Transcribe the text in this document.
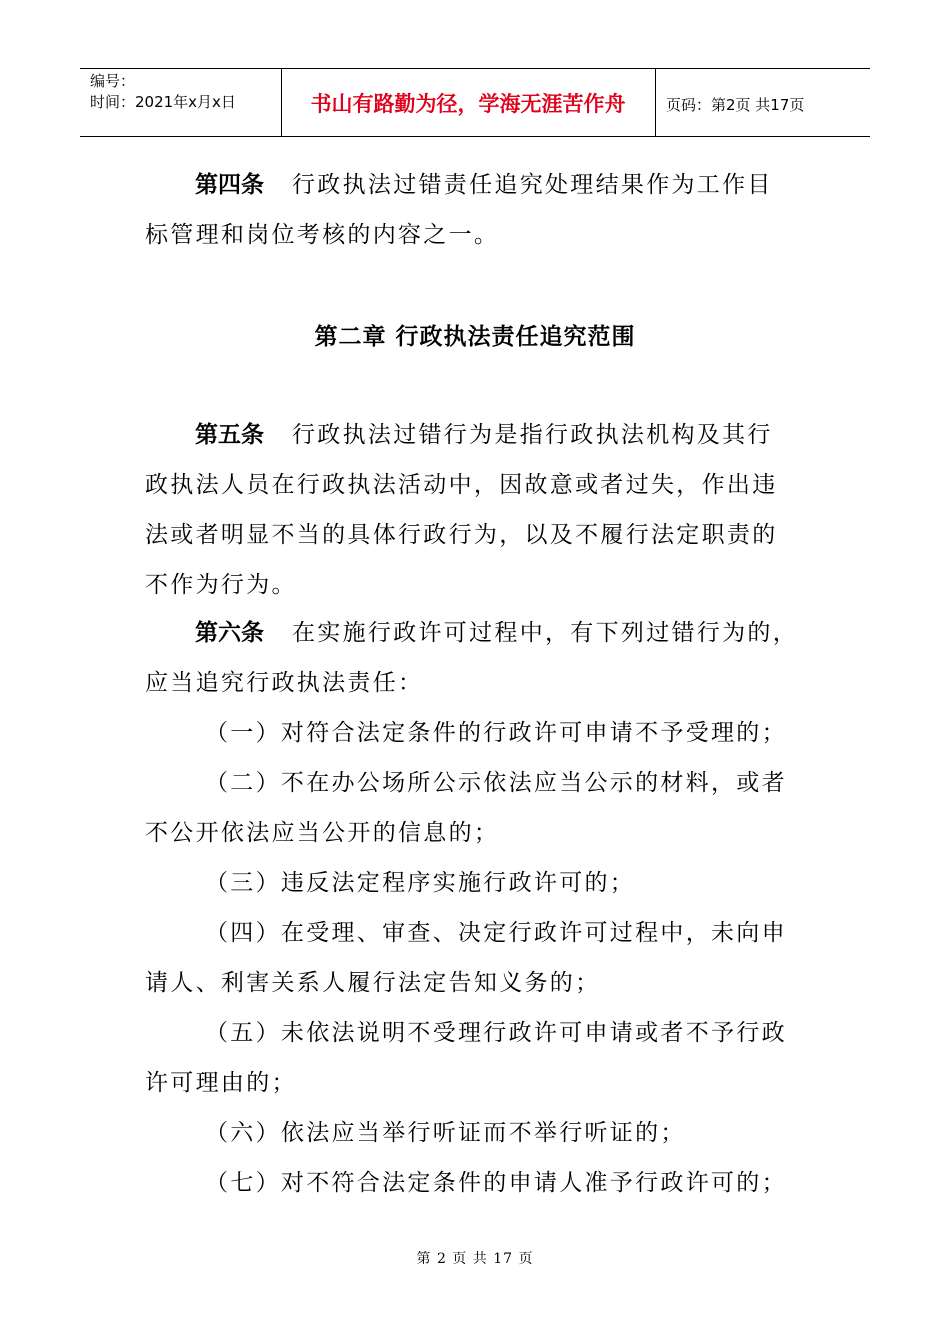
编号：
时间：2021年x月x日	书山有路勤为径，学海无涯苦作舟	页码：第2页 共17页
第四条 行政执法过错责任追究处理结果作为工作目
标管理和岗位考核的内容之一。
第二章 行政执法责任追究范围
第五条 行政执法过错行为是指行政执法机构及其行
政执法人员在行政执法活动中，因故意或者过失，作出违
法或者明显不当的具体行政行为，以及不履行法定职责的
不作为行为。
第六条 在实施行政许可过程中，有下列过错行为的，
应当追究行政执法责任：
（一）对符合法定条件的行政许可申请不予受理的；
（二）不在办公场所公示依法应当公示的材料，或者
不公开依法应当公开的信息的；
（三）违反法定程序实施行政许可的；
（四）在受理、审查、决定行政许可过程中，未向申
请人、利害关系人履行法定告知义务的；
（五）未依法说明不受理行政许可申请或者不予行政
许可理由的；
（六）依法应当举行听证而不举行听证的；
（七）对不符合法定条件的申请人准予行政许可的；
第 2 页 共 17 页
